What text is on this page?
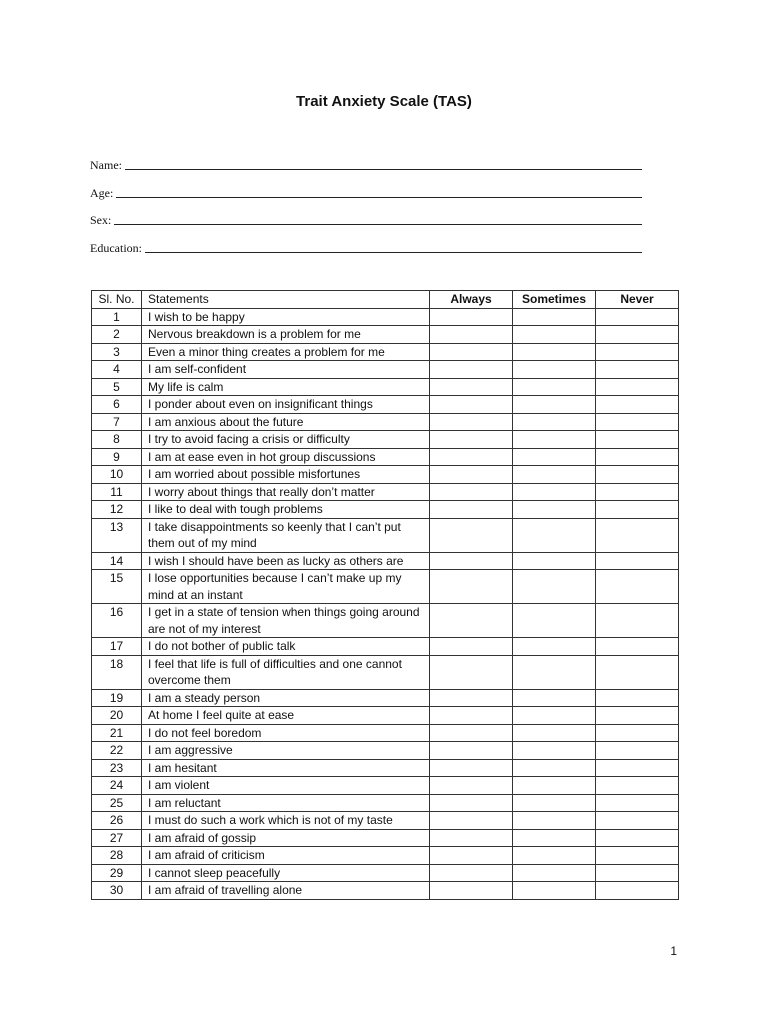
Trait Anxiety Scale (TAS)
Name:
Age:
Sex:
Education:
Sl. No.	Statements	Always	Sometimes	Never
1	I wish to be happy			
2	Nervous breakdown is a problem for me			
3	Even a minor thing creates a problem for me			
4	I am self-confident			
5	My life is calm			
6	I ponder about even on insignificant things			
7	I am anxious about the future			
8	I try to avoid facing a crisis or difficulty			
9	I am at ease even in hot group discussions			
10	I am worried about possible misfortunes			
11	I worry about things that really don’t matter			
12	I like to deal with tough problems			
13	I take disappointments so keenly that I can’t put them out of my mind			
14	I wish I should have been as lucky as others are			
15	I lose opportunities because I can’t make up my mind at an instant			
16	I get in a state of tension when things going around are not of my interest			
17	I do not bother of public talk			
18	I feel that life is full of difficulties and one cannot overcome them			
19	I am a steady person			
20	At home I feel quite at ease			
21	I do not feel boredom			
22	I am aggressive			
23	I am hesitant			
24	I am violent			
25	I am reluctant			
26	I must do such a work which is not of my taste			
27	I am afraid of gossip			
28	I am afraid of criticism			
29	I cannot sleep peacefully			
30	I am afraid of travelling alone			
1
